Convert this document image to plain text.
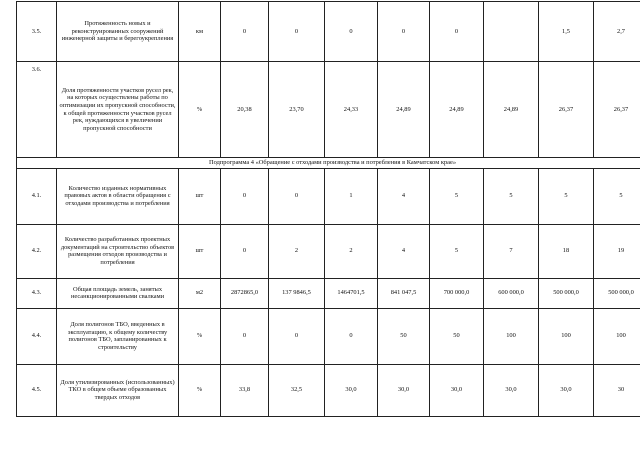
3.5.	Протяженность новых и реконструированных сооружений инженерной защиты и берегоукрепления	км	0	0	0	0	0		1,5	2,7
3.6.	Доля протяженности участков русел рек, на которых осуществлены работы по оптимизации их пропускной способности, к общей протяженности участков русел рек, нуждающихся в увеличении пропускной способности	%	20,38	23,70	24,33	24,89	24,89	24,89	26,37	26,37
Подпрограмма 4 «Обращение с отходами производства и потребления в Камчатском крае»										
4.1.	Количество изданных нормативных правовых актов в области обращения с отходами производства и потребления	шт	0	0	1	4	5	5	5	5
4.2.	Количество разработанных проектных документаций на строительство объектов размещения отходов производства и потребления	шт	0	2	2	4	5	7	18	19
4.3.	Общая площадь земель, занятых несанкционированными свалками	м2	2872865,0	137 9846,5	1464701,5	841 047,5	700 000,0	600 000,0	500 000,0	500 000,0
4.4.	Доля полигонов ТБО, введенных в эксплуатацию, к общему количеству полигонов ТБО, запланированных к строительству	%	0	0	0	50	50	100	100	100
4.5.	Доля утилизированных (использованных) ТКО в общем объеме образованных твердых отходов	%	33,8	32,5	30,0	30,0	30,0	30,0	30,0	30
